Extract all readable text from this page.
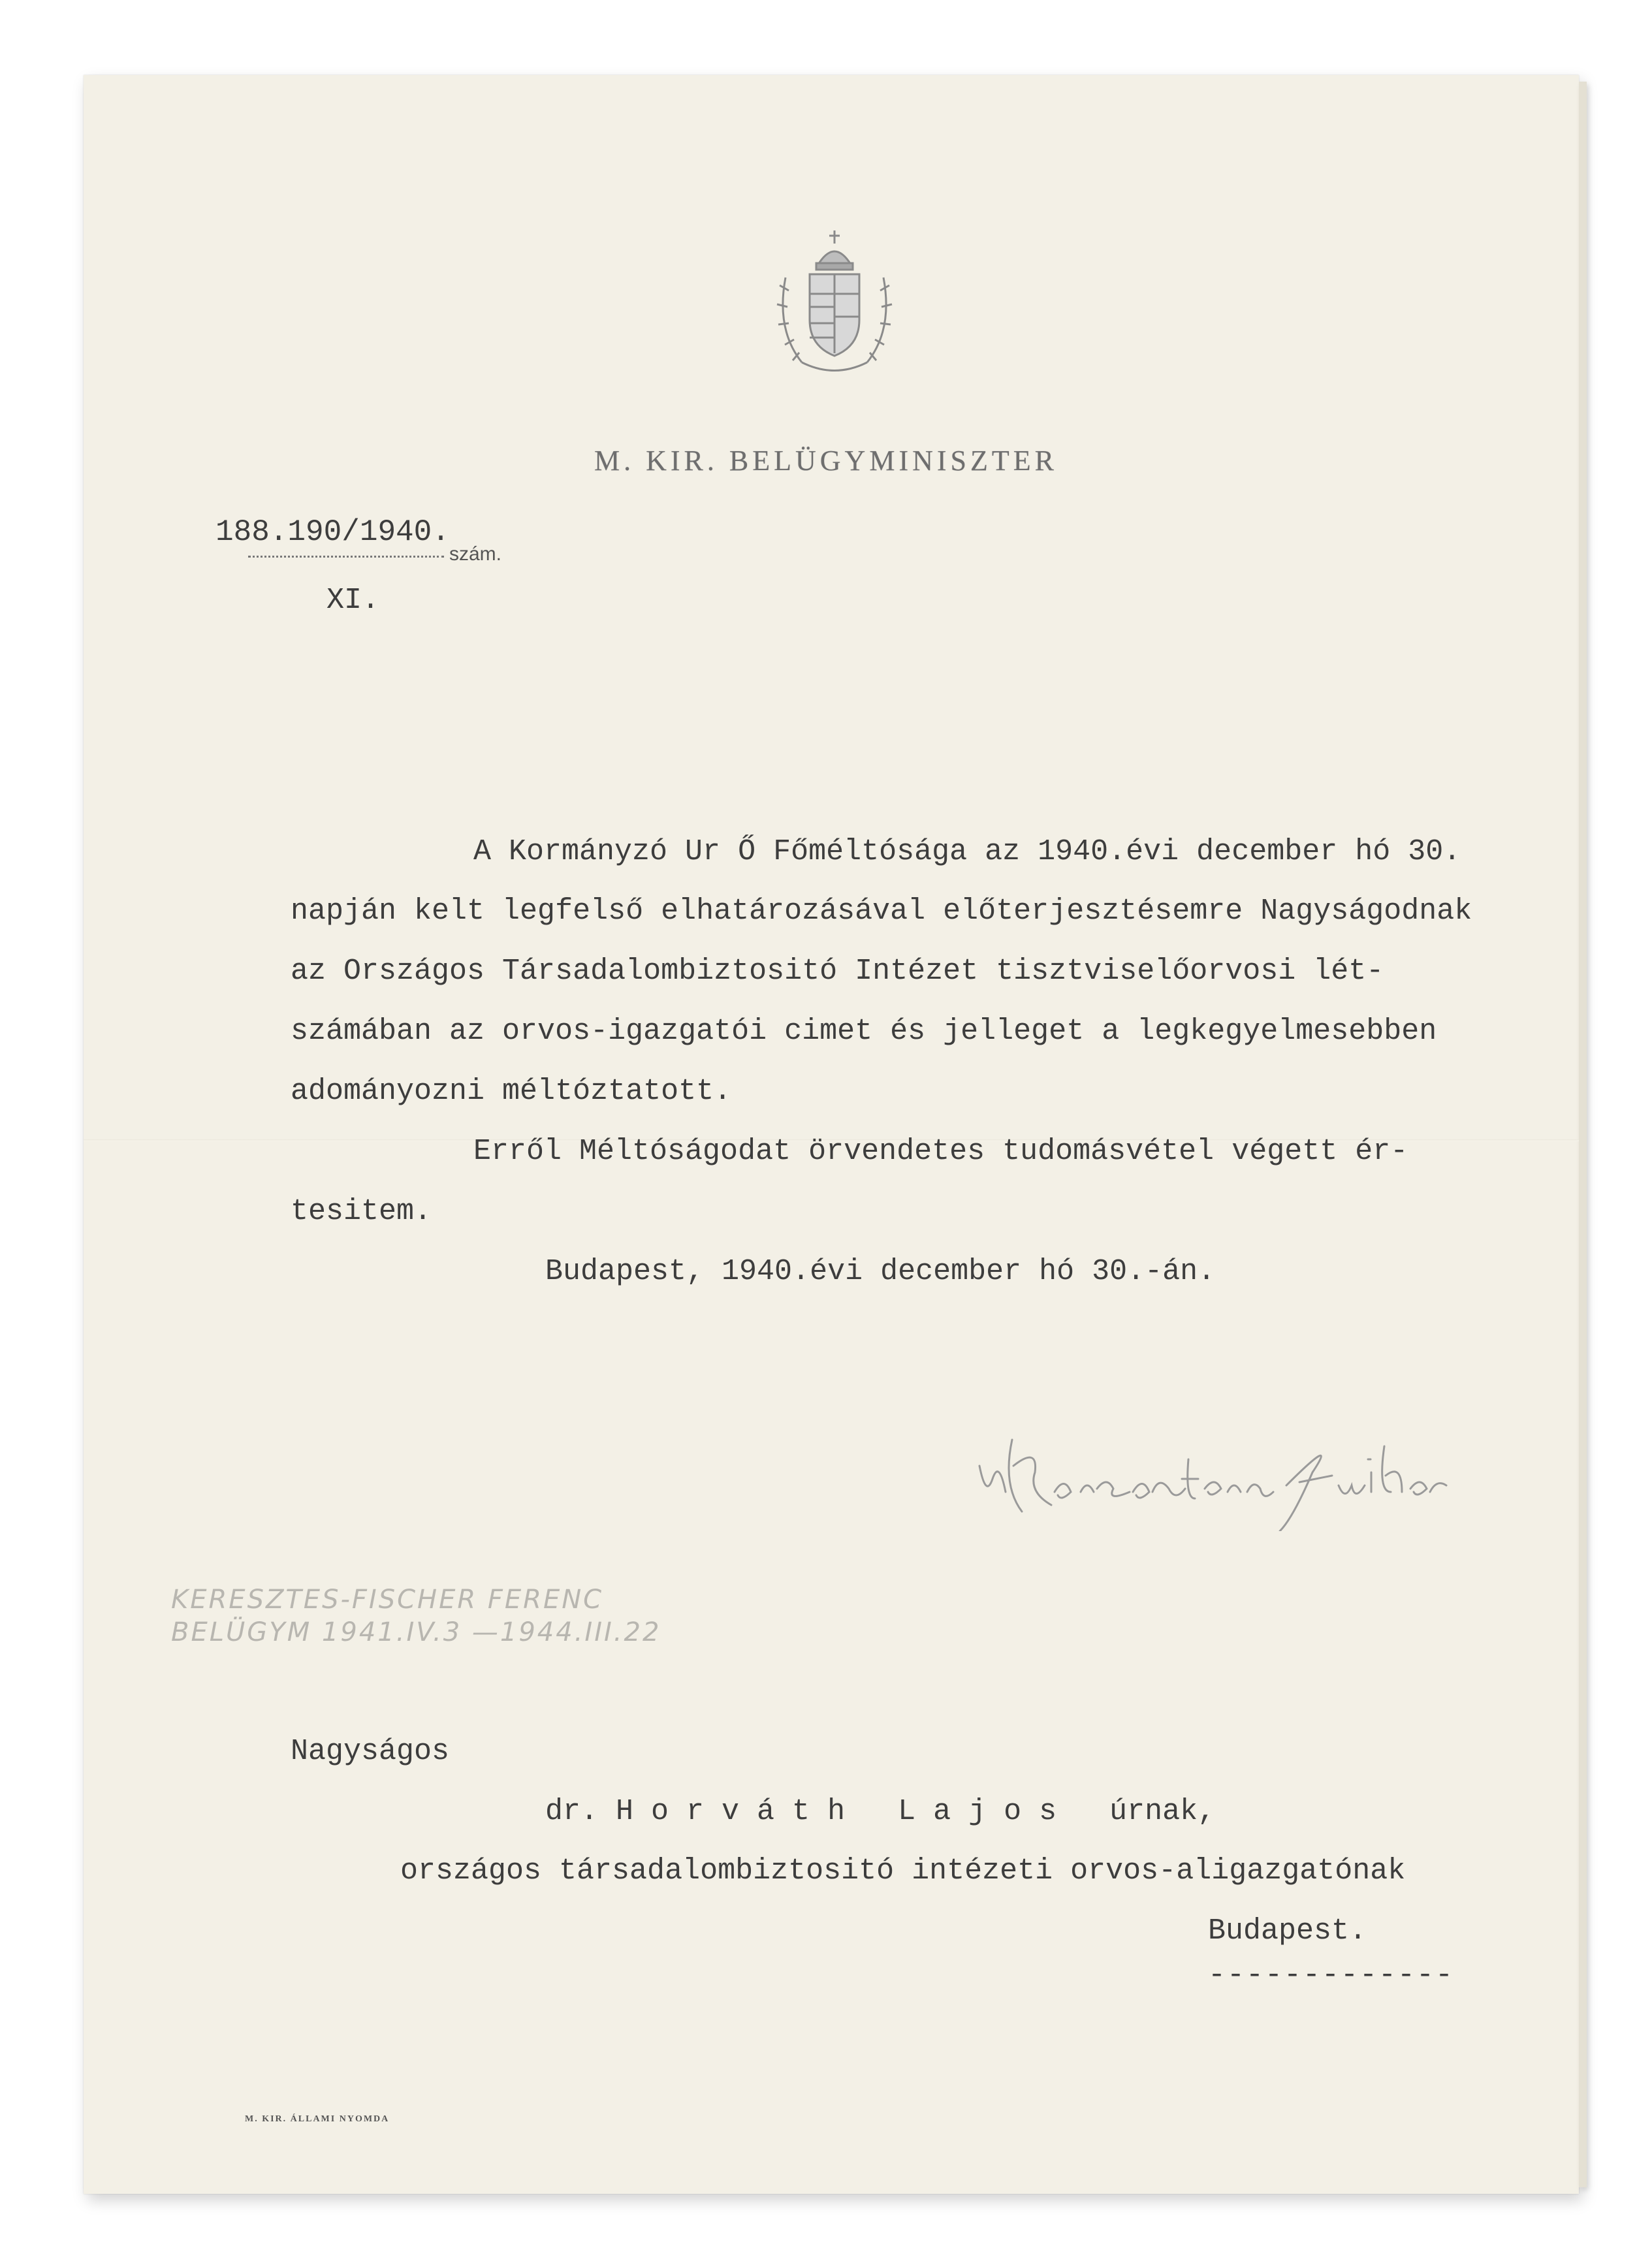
M. KIR. BELÜGYMINISZTER
188.190/1940.
szám.
XI.
A Kormányzó Ur Ő Főméltósága az 1940.évi december hó 30.
napján kelt legfelső elhatározásával előterjesztésemre Nagyságodnak
az Országos Társadalombiztositó Intézet tisztviselőorvosi lét-
számában az orvos-igazgatói cimet és jelleget a legkegyelmesebben
adományozni méltóztatott.
Erről Méltóságodat örvendetes tudomásvétel végett ér-
tesitem.
Budapest, 1940.évi december hó 30.-án.
KERESZTES-FISCHER FERENC
BELÜGYM 1941.IV.3 —1944.III.22
Nagyságos
dr. H o r v á t h   L a j o s   úrnak,
országos társadalombiztositó intézeti orvos-aligazgatónak
Budapest.
-------------
M. KIR. ÁLLAMI NYOMDA
